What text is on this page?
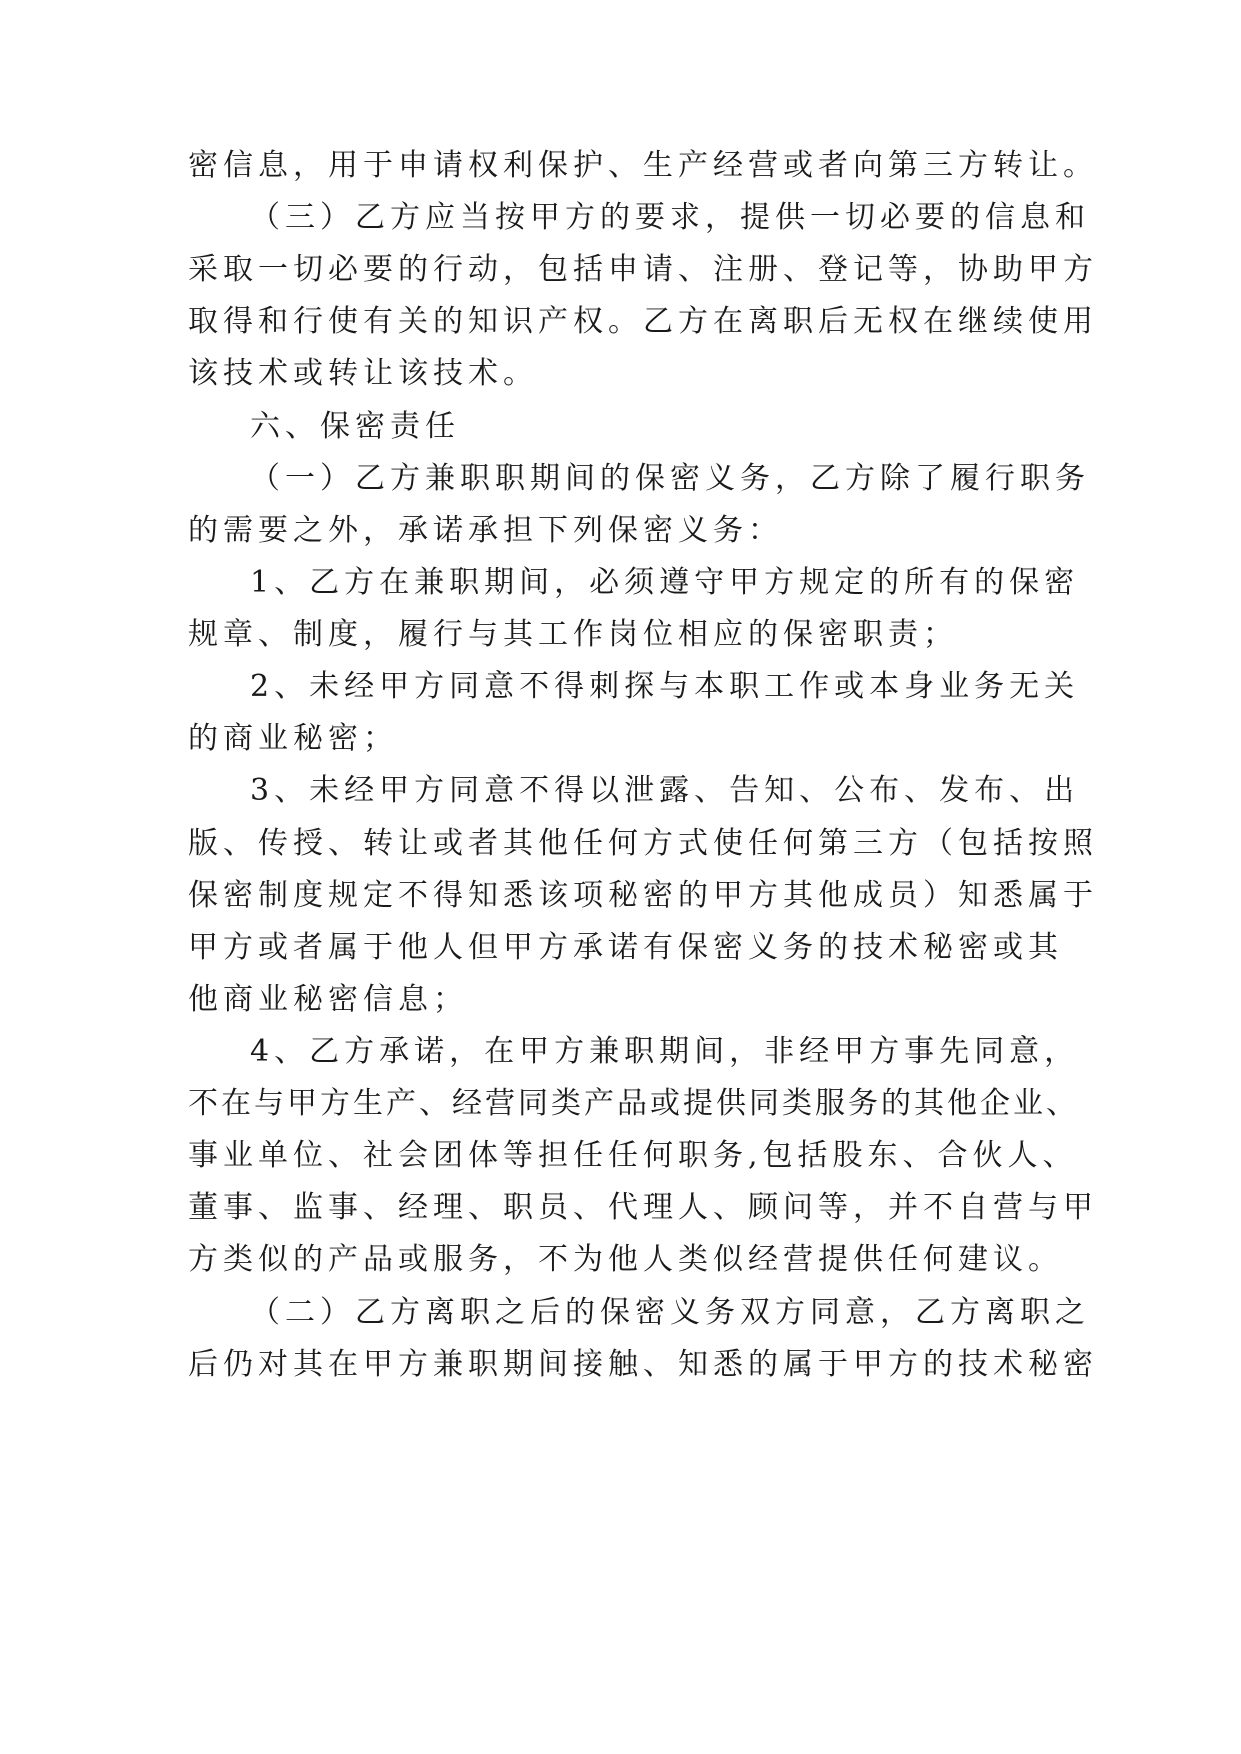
密信息，用于申请权利保护、生产经营或者向第三方转让。
（三）乙方应当按甲方的要求，提供一切必要的信息和
采取一切必要的行动，包括申请、注册、登记等，协助甲方
取得和行使有关的知识产权。乙方在离职后无权在继续使用
该技术或转让该技术。
六、保密责任
（一）乙方兼职职期间的保密义务，乙方除了履行职务
的需要之外，承诺承担下列保密义务：
1、乙方在兼职期间，必须遵守甲方规定的所有的保密
规章、制度，履行与其工作岗位相应的保密职责；
2、未经甲方同意不得刺探与本职工作或本身业务无关
的商业秘密；
3、未经甲方同意不得以泄露、告知、公布、发布、出
版、传授、转让或者其他任何方式使任何第三方（包括按照
保密制度规定不得知悉该项秘密的甲方其他成员）知悉属于
甲方或者属于他人但甲方承诺有保密义务的技术秘密或其
他商业秘密信息；
4、乙方承诺，在甲方兼职期间，非经甲方事先同意，
不在与甲方生产、经营同类产品或提供同类服务的其他企业、
事业单位、社会团体等担任任何职务,包括股东、合伙人、
董事、监事、经理、职员、代理人、顾问等，并不自营与甲
方类似的产品或服务，不为他人类似经营提供任何建议。
（二）乙方离职之后的保密义务双方同意，乙方离职之
后仍对其在甲方兼职期间接触、知悉的属于甲方的技术秘密
